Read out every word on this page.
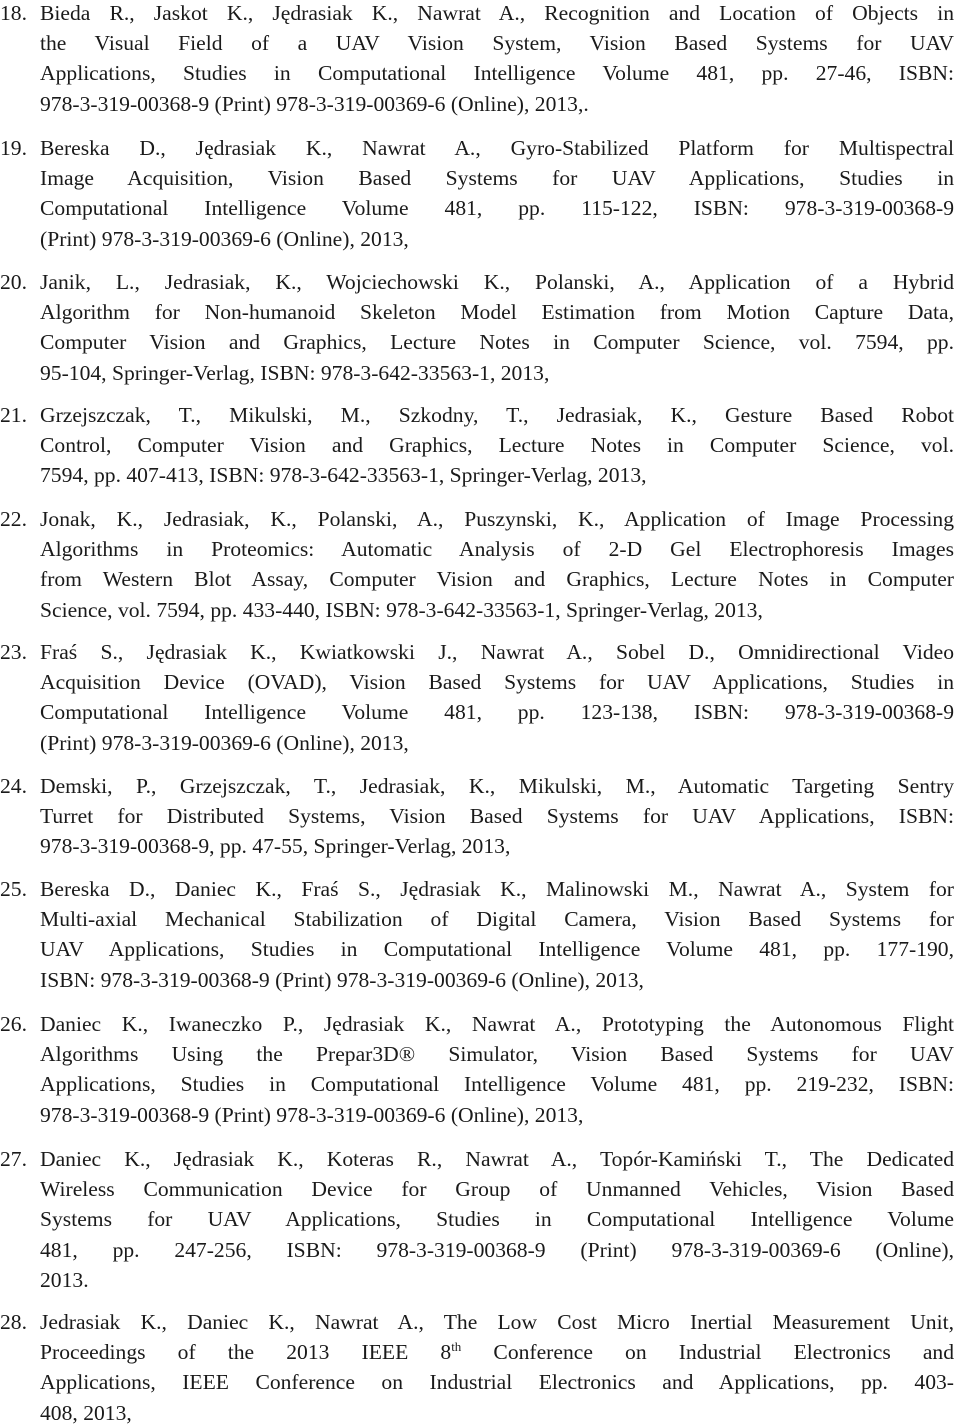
18. Bieda R., Jaskot K., Jędrasiak K., Nawrat A., Recognition and Location of Objects in
the Visual Field of a UAV Vision System, Vision Based Systems for UAV
Applications, Studies in Computational Intelligence Volume 481, pp. 27-46, ISBN:
978-3-319-00368-9 (Print) 978-3-319-00369-6 (Online), 2013,.
19. Bereska D., Jędrasiak K., Nawrat A., Gyro-Stabilized Platform for Multispectral
Image Acquisition, Vision Based Systems for UAV Applications, Studies in
Computational Intelligence Volume 481, pp. 115-122, ISBN: 978-3-319-00368-9
(Print) 978-3-319-00369-6 (Online), 2013,
20. Janik, L., Jedrasiak, K., Wojciechowski K., Polanski, A., Application of a Hybrid
Algorithm for Non-humanoid Skeleton Model Estimation from Motion Capture Data,
Computer Vision and Graphics, Lecture Notes in Computer Science, vol. 7594, pp.
95-104, Springer-Verlag, ISBN: 978-3-642-33563-1, 2013,
21. Grzejszczak, T., Mikulski, M., Szkodny, T., Jedrasiak, K., Gesture Based Robot
Control, Computer Vision and Graphics, Lecture Notes in Computer Science, vol.
7594, pp. 407-413, ISBN: 978-3-642-33563-1, Springer-Verlag, 2013,
22. Jonak, K., Jedrasiak, K., Polanski, A., Puszynski, K., Application of Image Processing
Algorithms in Proteomics: Automatic Analysis of 2-D Gel Electrophoresis Images
from Western Blot Assay, Computer Vision and Graphics, Lecture Notes in Computer
Science, vol. 7594, pp. 433-440, ISBN: 978-3-642-33563-1, Springer-Verlag, 2013,
23. Fraś S., Jędrasiak K., Kwiatkowski J., Nawrat A., Sobel D., Omnidirectional Video
Acquisition Device (OVAD), Vision Based Systems for UAV Applications, Studies in
Computational Intelligence Volume 481, pp. 123-138, ISBN: 978-3-319-00368-9
(Print) 978-3-319-00369-6 (Online), 2013,
24. Demski, P., Grzejszczak, T., Jedrasiak, K., Mikulski, M., Automatic Targeting Sentry
Turret for Distributed Systems, Vision Based Systems for UAV Applications, ISBN:
978-3-319-00368-9, pp. 47-55, Springer-Verlag, 2013,
25. Bereska D., Daniec K., Fraś S., Jędrasiak K., Malinowski M., Nawrat A., System for
Multi-axial Mechanical Stabilization of Digital Camera, Vision Based Systems for
UAV Applications, Studies in Computational Intelligence Volume 481, pp. 177-190,
ISBN: 978-3-319-00368-9 (Print) 978-3-319-00369-6 (Online), 2013,
26. Daniec K., Iwaneczko P., Jędrasiak K., Nawrat A., Prototyping the Autonomous Flight
Algorithms Using the Prepar3D® Simulator, Vision Based Systems for UAV
Applications, Studies in Computational Intelligence Volume 481, pp. 219-232, ISBN:
978-3-319-00368-9 (Print) 978-3-319-00369-6 (Online), 2013,
27. Daniec K., Jędrasiak K., Koteras R., Nawrat A., Topór-Kamiński T., The Dedicated
Wireless Communication Device for Group of Unmanned Vehicles, Vision Based
Systems for UAV Applications, Studies in Computational Intelligence Volume
481, pp. 247-256, ISBN: 978-3-319-00368-9 (Print) 978-3-319-00369-6 (Online),
2013.
28. Jedrasiak K., Daniec K., Nawrat A., The Low Cost Micro Inertial Measurement Unit,
Proceedings of the 2013 IEEE 8th Conference on Industrial Electronics and
Applications, IEEE Conference on Industrial Electronics and Applications, pp. 403-
408, 2013,
